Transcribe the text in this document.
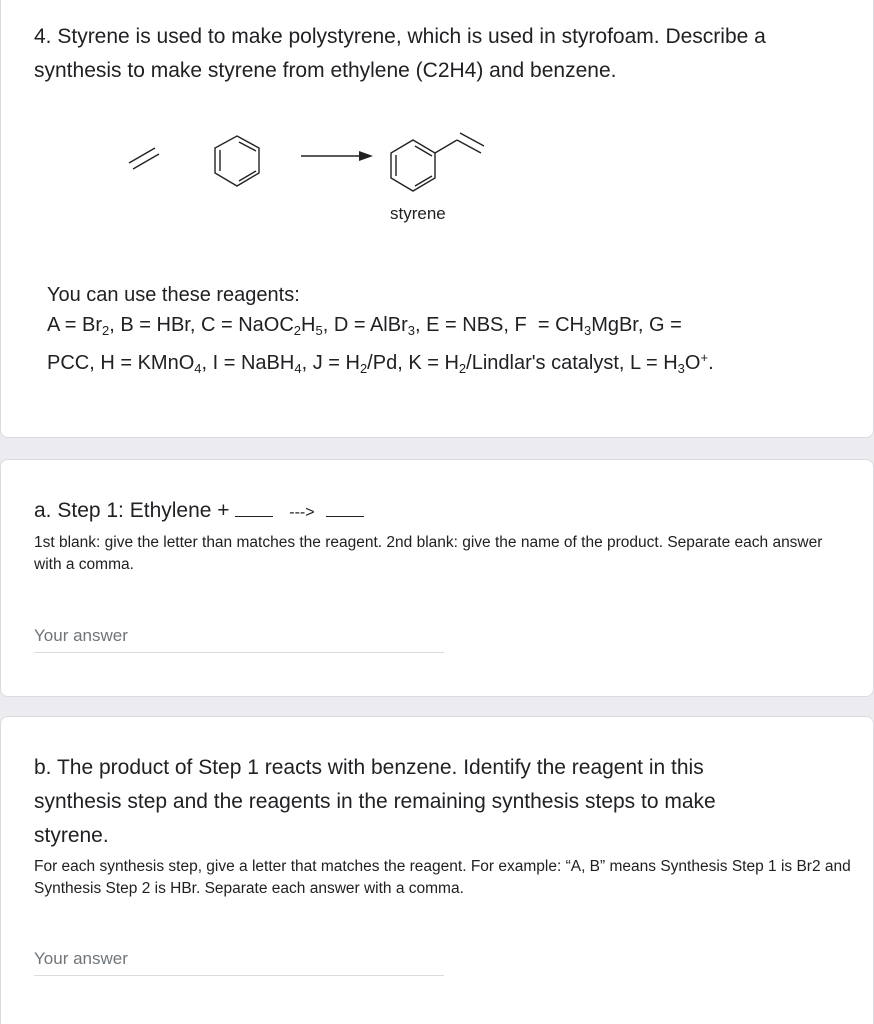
4. Styrene is used to make polystyrene, which is used in styrofoam. Describe a
synthesis to make styrene from ethylene (C2H4) and benzene.
styrene
You can use these reagents:
$A = Br_2$, B = HBr, $C = NaOC_2H_5$, D = AlBr$_3$, E = NBS, $F = CH_3MgBr$, G =
PCC, H = KMnO$_4$, I = NaBH$_4$, $J = H_2/Pd$, $K = H_2/Lindlar's$ catalyst, $L = H_3O^+$.
a. Step 1: Ethylene +	--->
1st blank: give the letter than matches the reagent. 2nd blank: give the name of the product. Separate each answer with a comma.
Your answer
b. The product of Step 1 reacts with benzene. Identify the reagent in this synthesis step and the reagents in the remaining synthesis steps to make styrene.
For each synthesis step, give a letter that matches the reagent. For example: “A, B” means Synthesis Step 1 is Br2 and Synthesis Step 2 is HBr. Separate each answer with a comma.
Your answer
